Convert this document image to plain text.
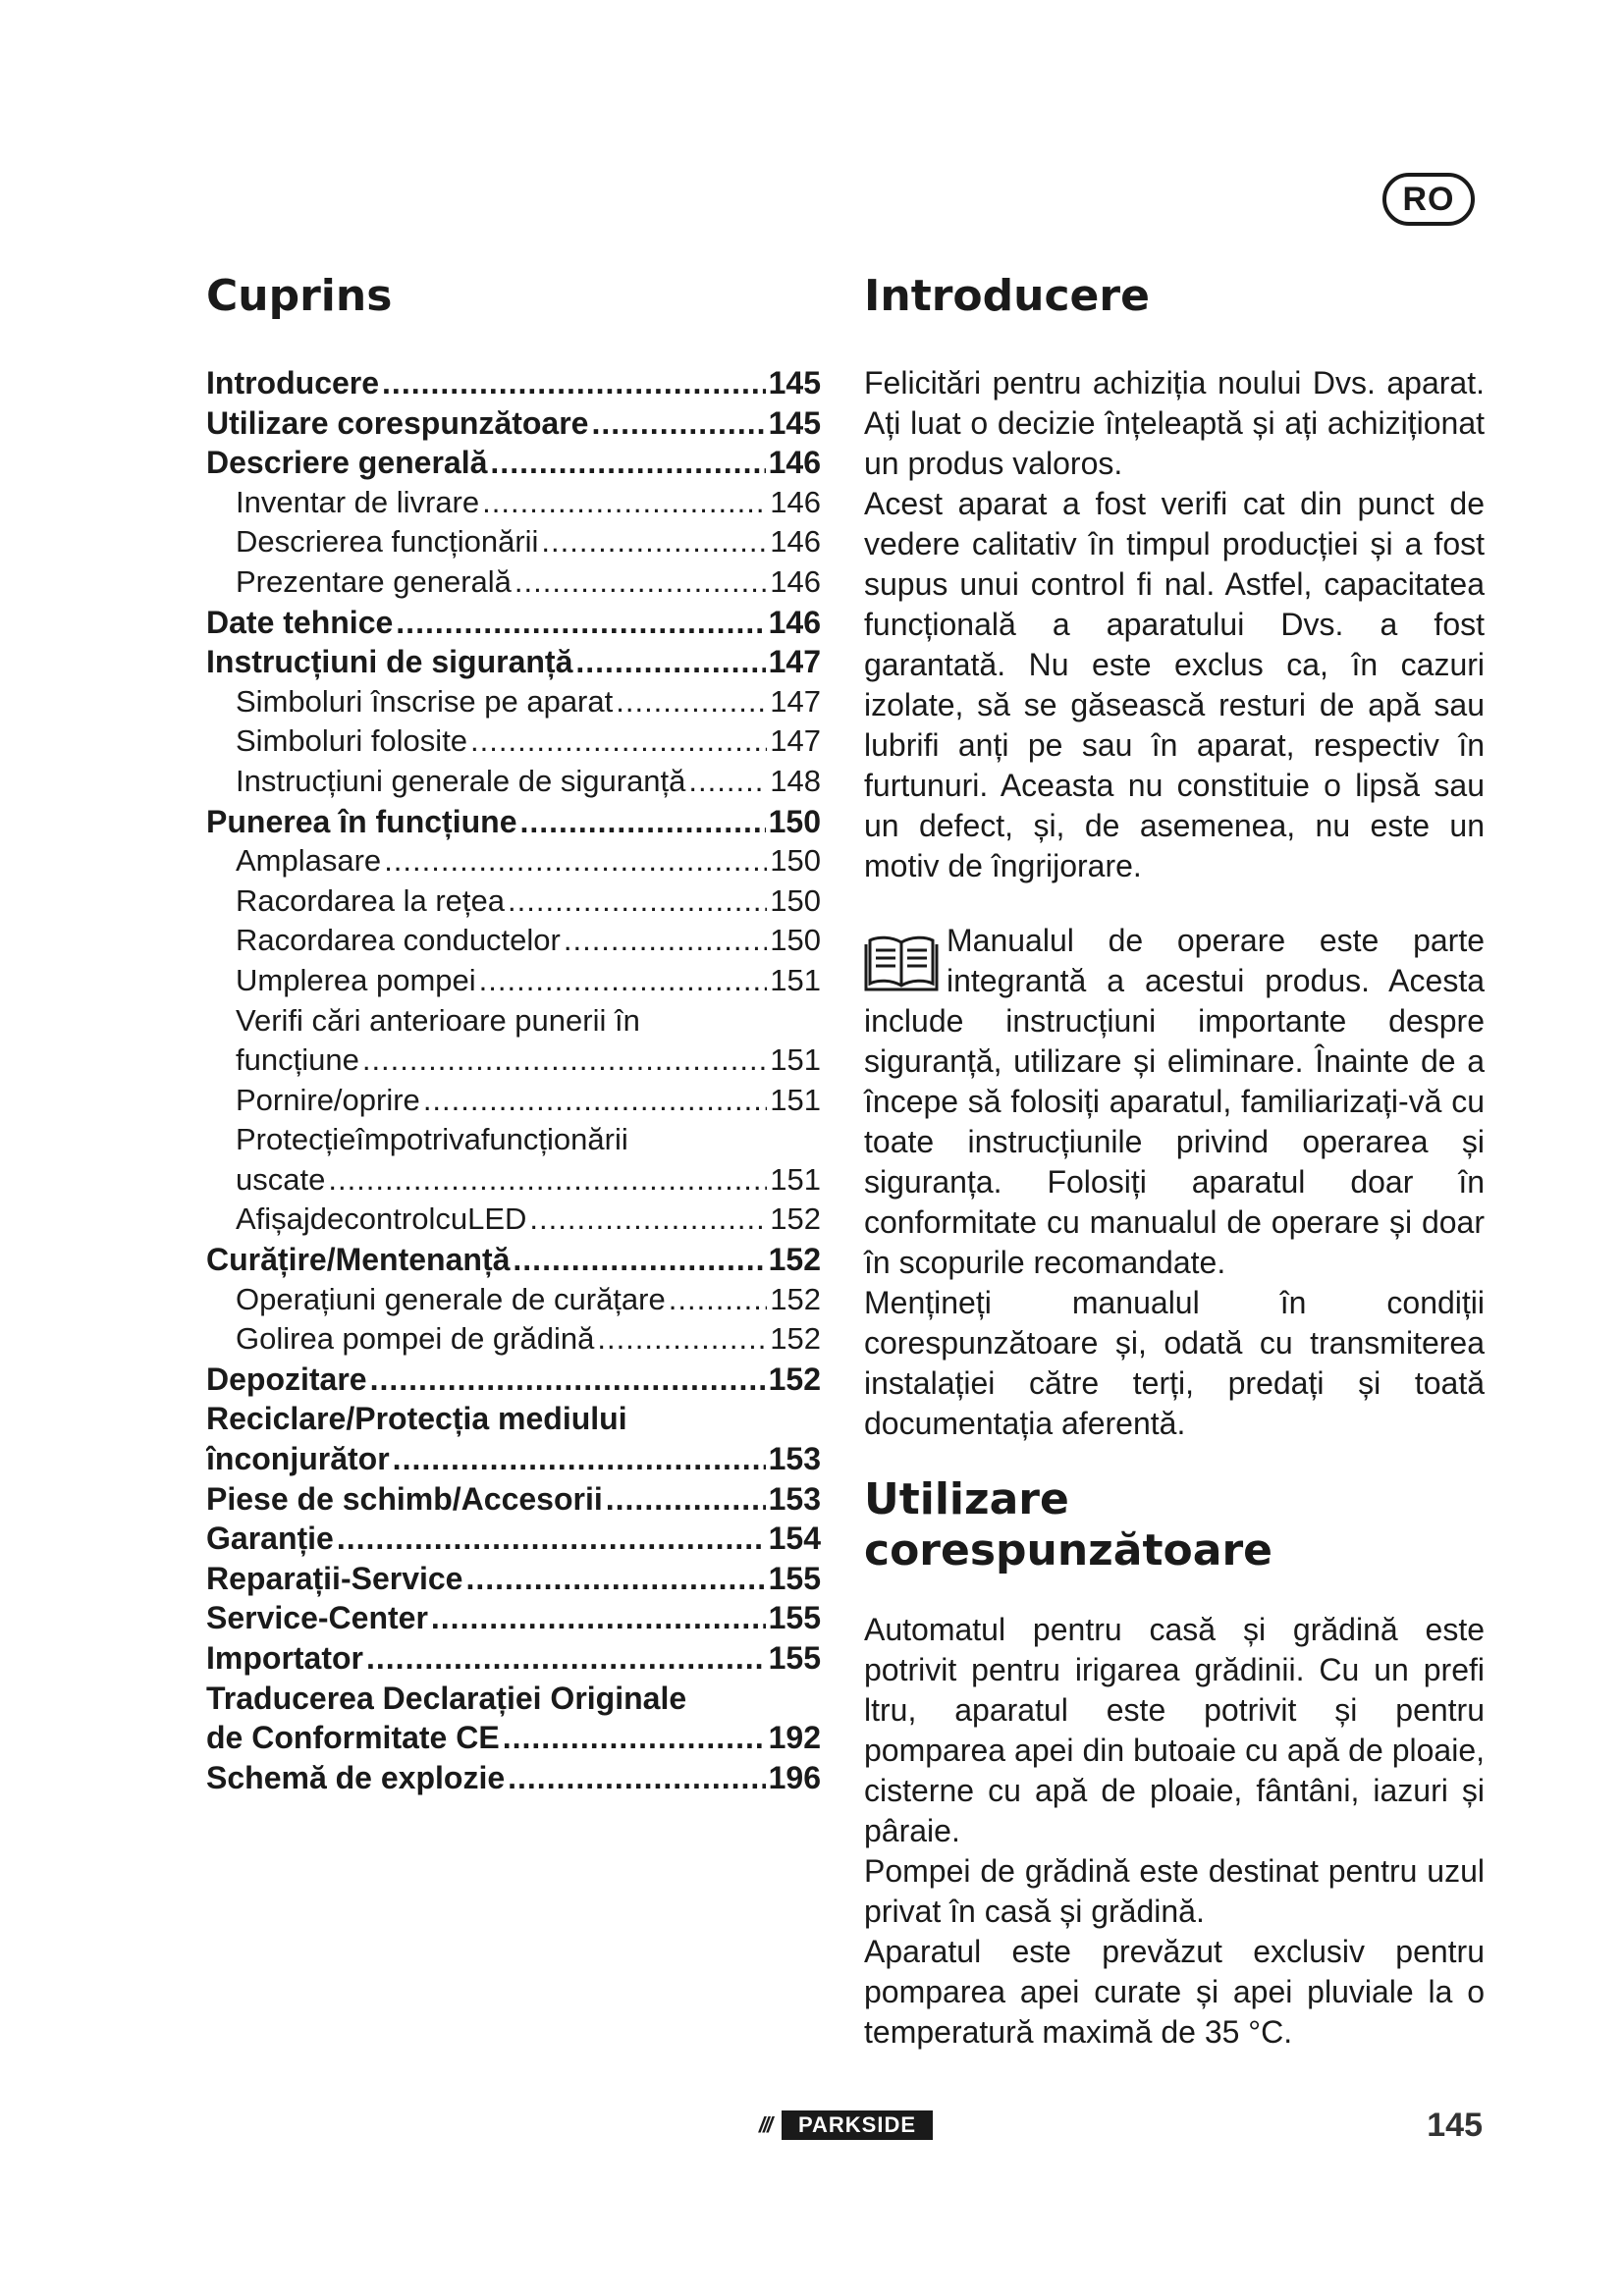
RO
Cuprins
Introducere .....	145
Utilizare corespunzătoare .....	145
Descriere generală .....	146
Inventar de livrare .....	146
Descrierea funcționării .....	146
Prezentare generală .....	146
Date tehnice .....	146
Instrucțiuni de siguranță .....	147
Simboluri înscrise pe aparat .....	147
Simboluri folosite .....	147
Instrucțiuni generale de siguranță .....	148
Punerea în funcțiune .....	150
Amplasare .....	150
Racordarea la rețea .....	150
Racordarea conductelor .....	150
Umplerea pompei .....	151
Verifi cări anterioare punerii în
funcțiune .....	151
Pornire/oprire .....	151
Protecțieîmpotrivafuncționării
uscate .....	151
AfișajdecontrolcuLED .....	152
Curățire/Mentenanță .....	152
Operațiuni generale de curățare .....	152
Golirea pompei de grădină .....	152
Depozitare .....	152
Reciclare/Protecția mediului
înconjurător .....	153
Piese de schimb/Accesorii .....	153
Garanție .....	154
Reparații-Service .....	155
Service-Center .....	155
Importator .....	155
Traducerea Declarației Originale
de Conformitate CE .....	192
Schemă de explozie .....	196
Introducere

Felicitări pentru achiziția noului Dvs. aparat. Ați luat o decizie înțeleaptă și ați achiziționat un produs valoros.

Acest aparat a fost verifi cat din punct de vedere calitativ în timpul producției și a fost supus unui control fi nal. Astfel, capacitatea funcțională a aparatului Dvs. a fost garantată. Nu este exclus ca, în cazuri izolate, să se găsească resturi de apă sau lubrifi anți pe sau în aparat, respectiv în furtunuri. Aceasta nu constituie o lipsă sau un defect, și, de asemenea, nu este un motiv de îngrijorare.

Manualul de operare este parte integrantă a acestui produs. Acesta include instrucțiuni importante despre siguranță, utilizare și eliminare. Înainte de a începe să folosiți aparatul, familiarizați-vă cu toate instrucțiunile privind operarea și siguranța. Folosiți aparatul doar în conformitate cu manualul de operare și doar în scopurile recomandate.

Mențineți manualul în condiții corespunzătoare și, odată cu transmiterea instalației către terți, predați și toată documentația aferentă.

Utilizare
corespunzătoare

Automatul pentru casă și grădină este potrivit pentru irigarea grădinii. Cu un prefi ltru, aparatul este potrivit și pentru pomparea apei din butoaie cu apă de ploaie, cisterne cu apă de ploaie, fântâni, iazuri și pâraie.

Pompei de grădină este destinat pentru uzul privat în casă și grădină.

Aparatul este prevăzut exclusiv pentru pomparea apei curate și apei pluviale la o temperatură maximă de 35 °C.

///	PARKSIDE	145
